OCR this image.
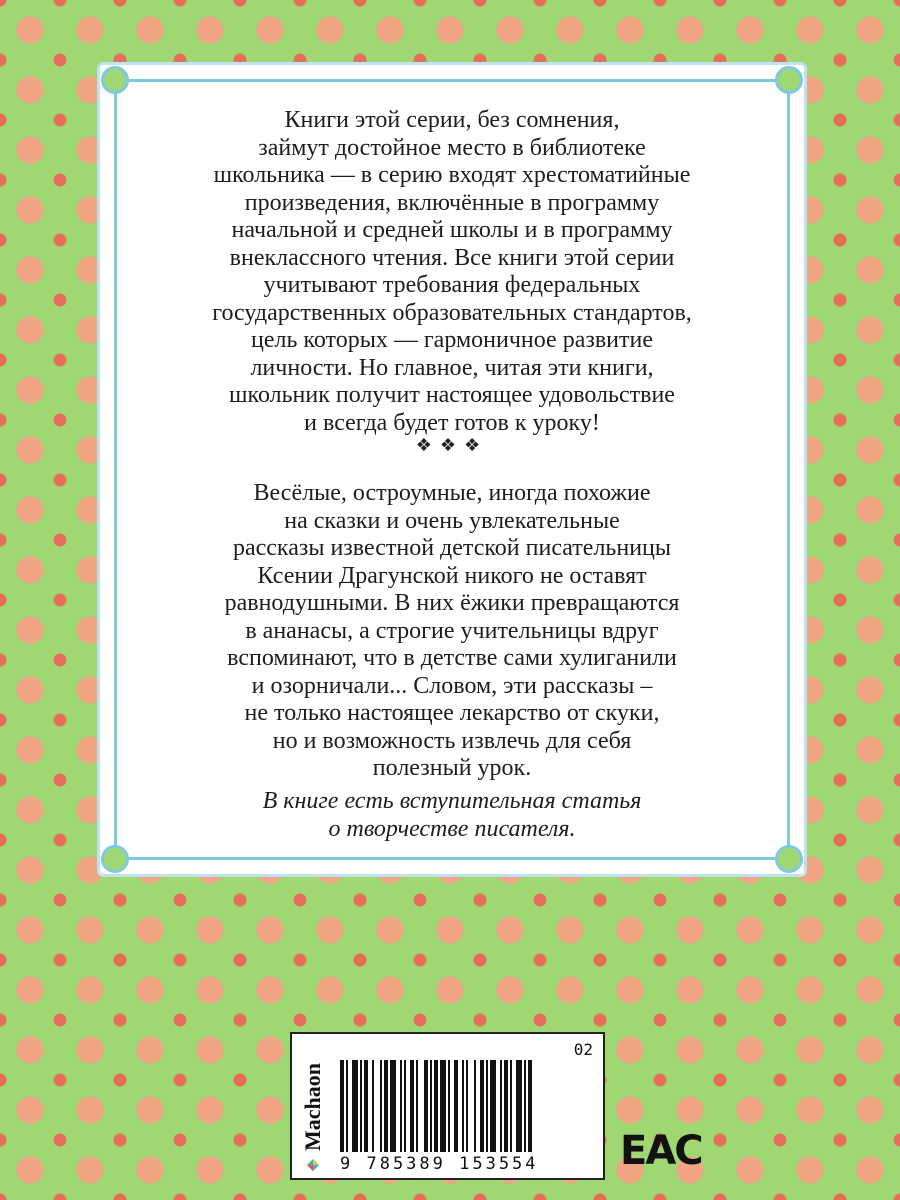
Книги этой серии, без сомнения,
займут достойное место в библиотеке
школьника — в серию входят хрестоматийные
произведения, включённые в программу
начальной и средней школы и в программу
внеклассного чтения. Все книги этой серии
учитывают требования федеральных
государственных образовательных стандартов,
цель которых — гармоничное развитие
личности. Но главное, читая эти книги,
школьник получит настоящее удовольствие
и всегда будет готов к уроку!
❖❖❖
Весёлые, остроумные, иногда похожие
на сказки и очень увлекательные
рассказы известной детской писательницы
Ксении Драгунской никого не оставят
равнодушными. В них ёжики превращаются
в ананасы, а строгие учительницы вдруг
вспоминают, что в детстве сами хулиганили
и озорничали... Словом, эти рассказы –
не только настоящее лекарство от скуки,
но и возможность извлечь для себя
полезный урок.
В книге есть вступительная статья
о творчестве писателя.
Machaon
02
9 785389 153554 EAC
